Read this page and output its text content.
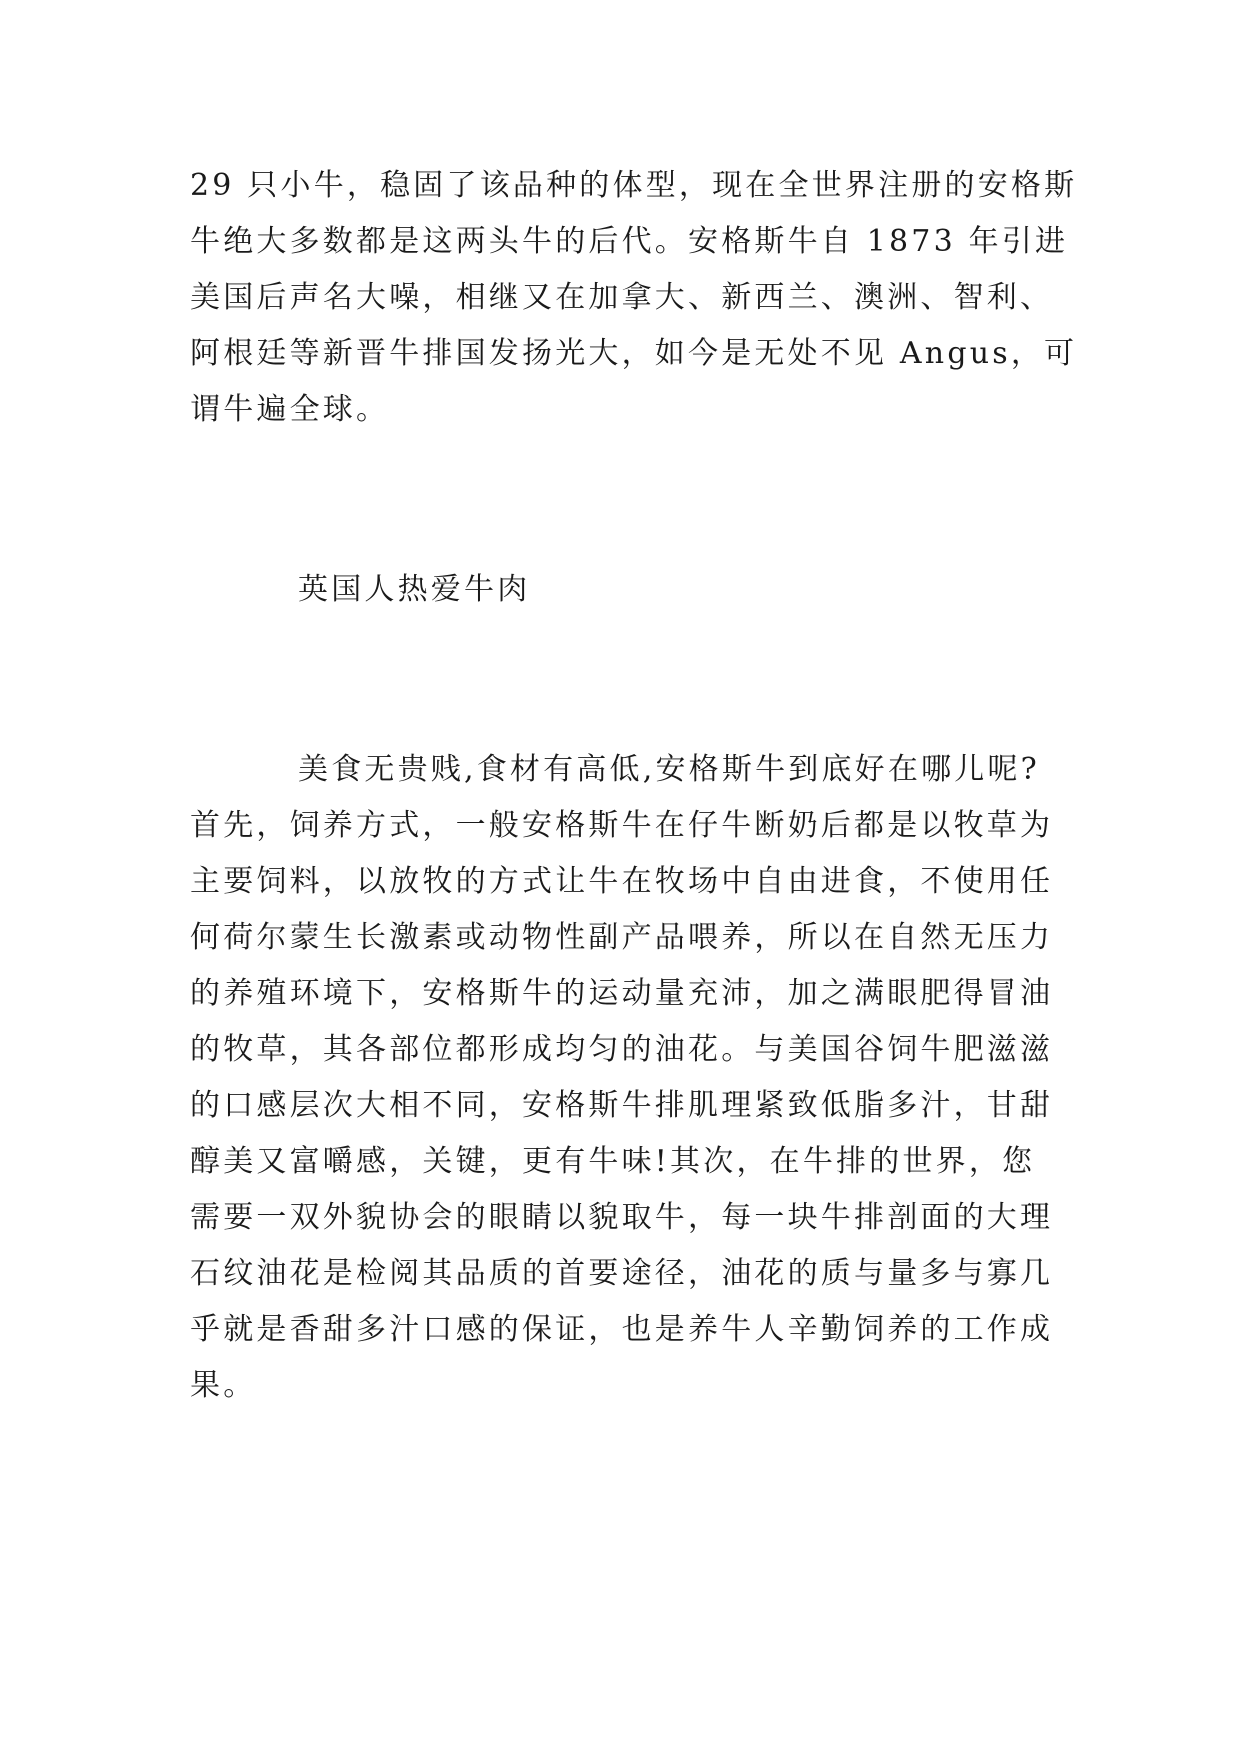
29 只小牛，稳固了该品种的体型，现在全世界注册的安格斯
牛绝大多数都是这两头牛的后代。安格斯牛自 1873 年引进
美国后声名大噪，相继又在加拿大、新西兰、澳洲、智利、
阿根廷等新晋牛排国发扬光大，如今是无处不见 Angus，可
谓牛遍全球。
英国人热爱牛肉
美食无贵贱,食材有高低,安格斯牛到底好在哪儿呢?
首先，饲养方式，一般安格斯牛在仔牛断奶后都是以牧草为
主要饲料，以放牧的方式让牛在牧场中自由进食，不使用任
何荷尔蒙生长激素或动物性副产品喂养，所以在自然无压力
的养殖环境下，安格斯牛的运动量充沛，加之满眼肥得冒油
的牧草，其各部位都形成均匀的油花。与美国谷饲牛肥滋滋
的口感层次大相不同，安格斯牛排肌理紧致低脂多汁，甘甜
醇美又富嚼感，关键，更有牛味!其次，在牛排的世界，您
需要一双外貌协会的眼睛以貌取牛，每一块牛排剖面的大理
石纹油花是检阅其品质的首要途径，油花的质与量多与寡几
乎就是香甜多汁口感的保证，也是养牛人辛勤饲养的工作成
果。
